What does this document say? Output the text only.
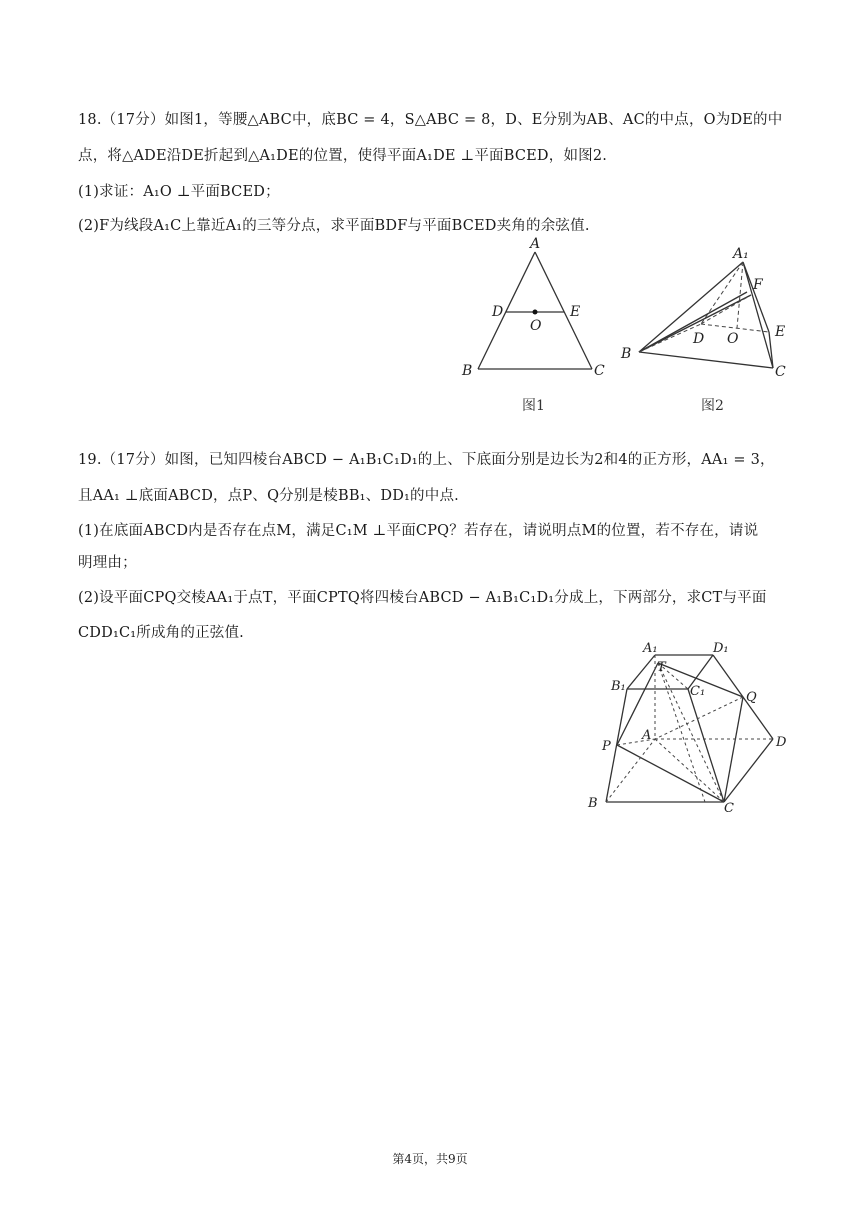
18.（17分）如图1，等腰△ABC中，底BC = 4，S△ABC = 8，D、E分别为AB、AC的中点，O为DE的中
点，将△ADE沿DE折起到△A₁DE的位置，使得平面A₁DE ⊥平面BCED，如图2.
(1)求证：A₁O ⊥平面BCED；
(2)F为线段A₁C上靠近A₁的三等分点，求平面BDF与平面BCED夹角的余弦值.
A
D	E
O
B	C
图1
A₁
F
E
D O
B
C
图2
19.（17分）如图，已知四棱台ABCD − A₁B₁C₁D₁的上、下底面分别是边长为2和4的正方形，AA₁ = 3，
且AA₁ ⊥底面ABCD，点P、Q分别是棱BB₁、DD₁的中点.
(1)在底面ABCD内是否存在点M，满足C₁M ⊥平面CPQ？若存在，请说明点M的位置，若不存在，请说
明理由；
(2)设平面CPQ交棱AA₁于点T，平面CPTQ将四棱台ABCD − A₁B₁C₁D₁分成上，下两部分，求CT与平面
CDD₁C₁所成角的正弦值.
A₁	D₁
T
B₁	C₁	Q
P
A	D
B	C
第4页，共9页
